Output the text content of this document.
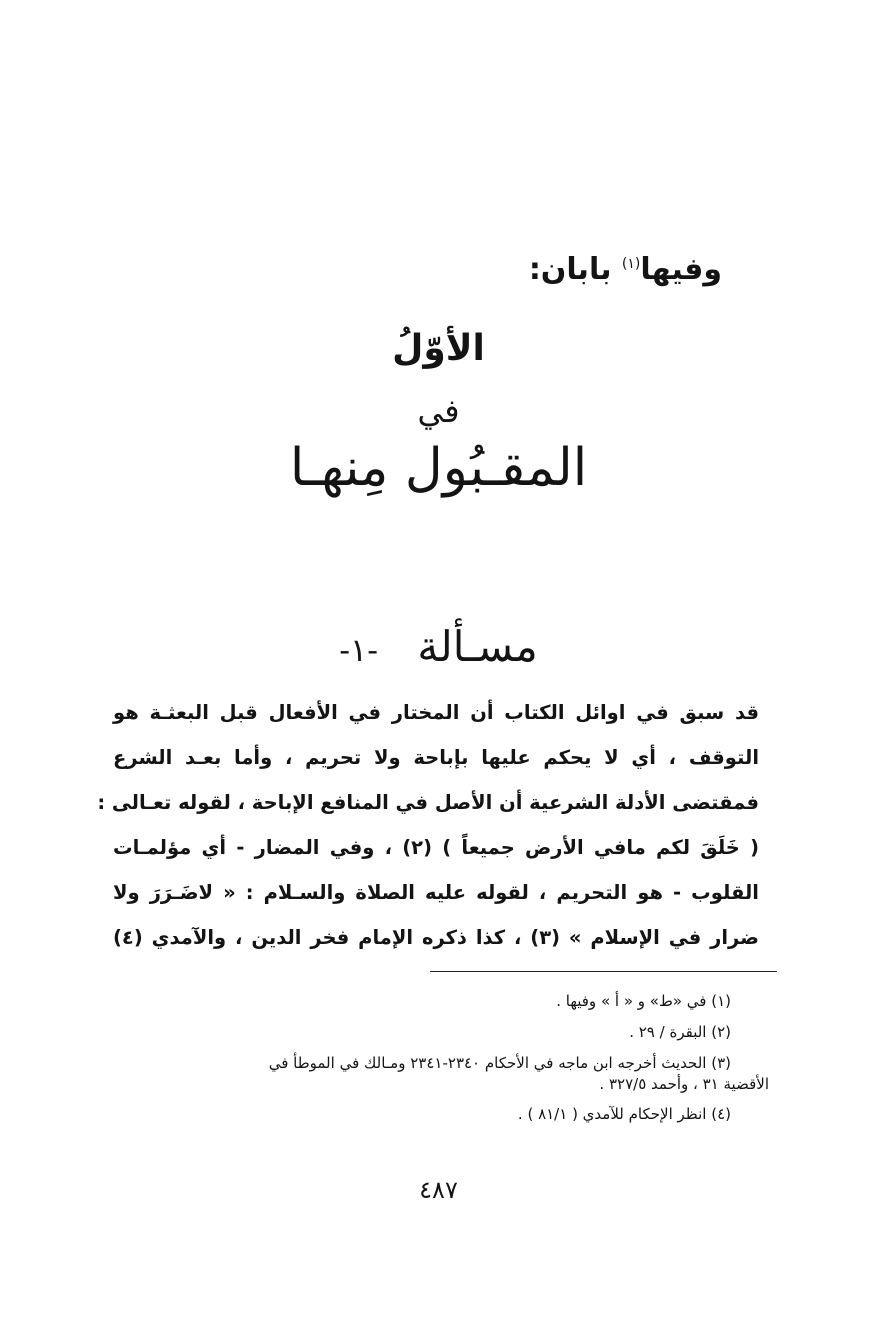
وفيها$^{(١)}$ بابان:
الأوّلُ
في
المقـبُول مِنهـا
مسـألة -١-
قد سبق في اوائل الكتاب أن المختار في الأفعال قبل البعثـة هو
التوقف ، أي لا يحكم عليها بإباحة ولا تحريم ، وأما بعـد الشرع
فمقتضى الأدلة الشرعية أن الأصل في المنافع الإباحة ، لقوله تعـالى :
( خَلَقَ لكم مافي الأرض جميعاً ) (٢) ، وفي المضار - أي مؤلمـات
القلوب - هو التحريم ، لقوله عليه الصلاة والسـلام : « لاضَـرَرَ ولا
ضرار في الإسلام » (٣) ، كذا ذكره الإمام فخر الدين ، والآمدي (٤)
(١) في «ط» و « أ » وفيها .
(٢) البقرة / ٢٩ .
(٣) الحديث أخرجه ابن ماجه في الأحكام ٢٣٤٠-٢٣٤١ ومـالك في الموطأ في
الأقضية ٣١ ، وأحمد ٣٢٧/٥ .
(٤) انظر الإحكام للآمدي ( ٨١/١ ) .
٤٨٧
